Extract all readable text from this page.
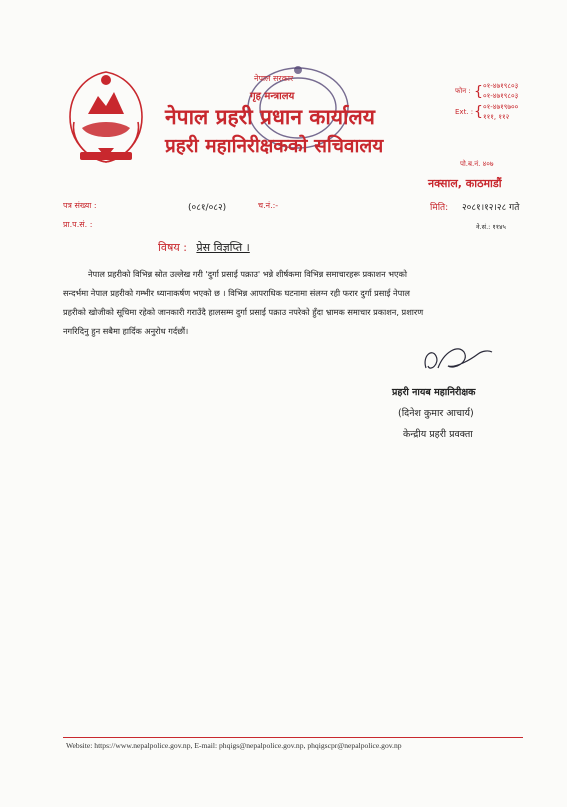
नेपाल सरकार
गृह मन्त्रालय
नेपाल प्रहरी प्रधान कार्यालय
प्रहरी महानिरीक्षकको सचिवालय
फोन : { ०१-४७१९८०३
०१-४७१९८०३
Ext. : { ०१-४७१९७००
१११, ११२
पो.ब.नं. ४०७
नक्साल, काठमाडौं
पत्र संख्या :	(०८१/०८२)	च.नं.:-	मिति: २०८१।१२।२८ गते
प्रा.प.सं. :	ने.सं.: ११४५
विषय : प्रेस विज्ञप्ति ।
नेपाल प्रहरीको विभिन्न स्रोत उल्लेख गरी 'दुर्गा प्रसाई पक्राउ' भन्ने शीर्षकमा विभिन्न समाचारहरू प्रकाशन भएको
सन्दर्भमा नेपाल प्रहरीको गम्भीर ध्यानाकर्षण भएको छ । विभिन्न आपराधिक घटनामा संलग्न रही फरार दुर्गा प्रसाई नेपाल
प्रहरीको खोजीको सूचिमा रहेको जानकारी गराउँदै हालसम्म दुर्गा प्रसाई पक्राउ नपरेको हुँदा भ्रामक समाचार प्रकाशन, प्रशारण
नगरिदिनु हुन सबैमा हार्दिक अनुरोध गर्दछौं।
प्रहरी नायब महानिरीक्षक
(दिनेश कुमार आचार्य)
केन्द्रीय प्रहरी प्रवक्ता
Website: https://www.nepalpolice.gov.np, E-mail: phqigs@nepalpolice.gov.np, phqigscpr@nepalpolice.gov.np
